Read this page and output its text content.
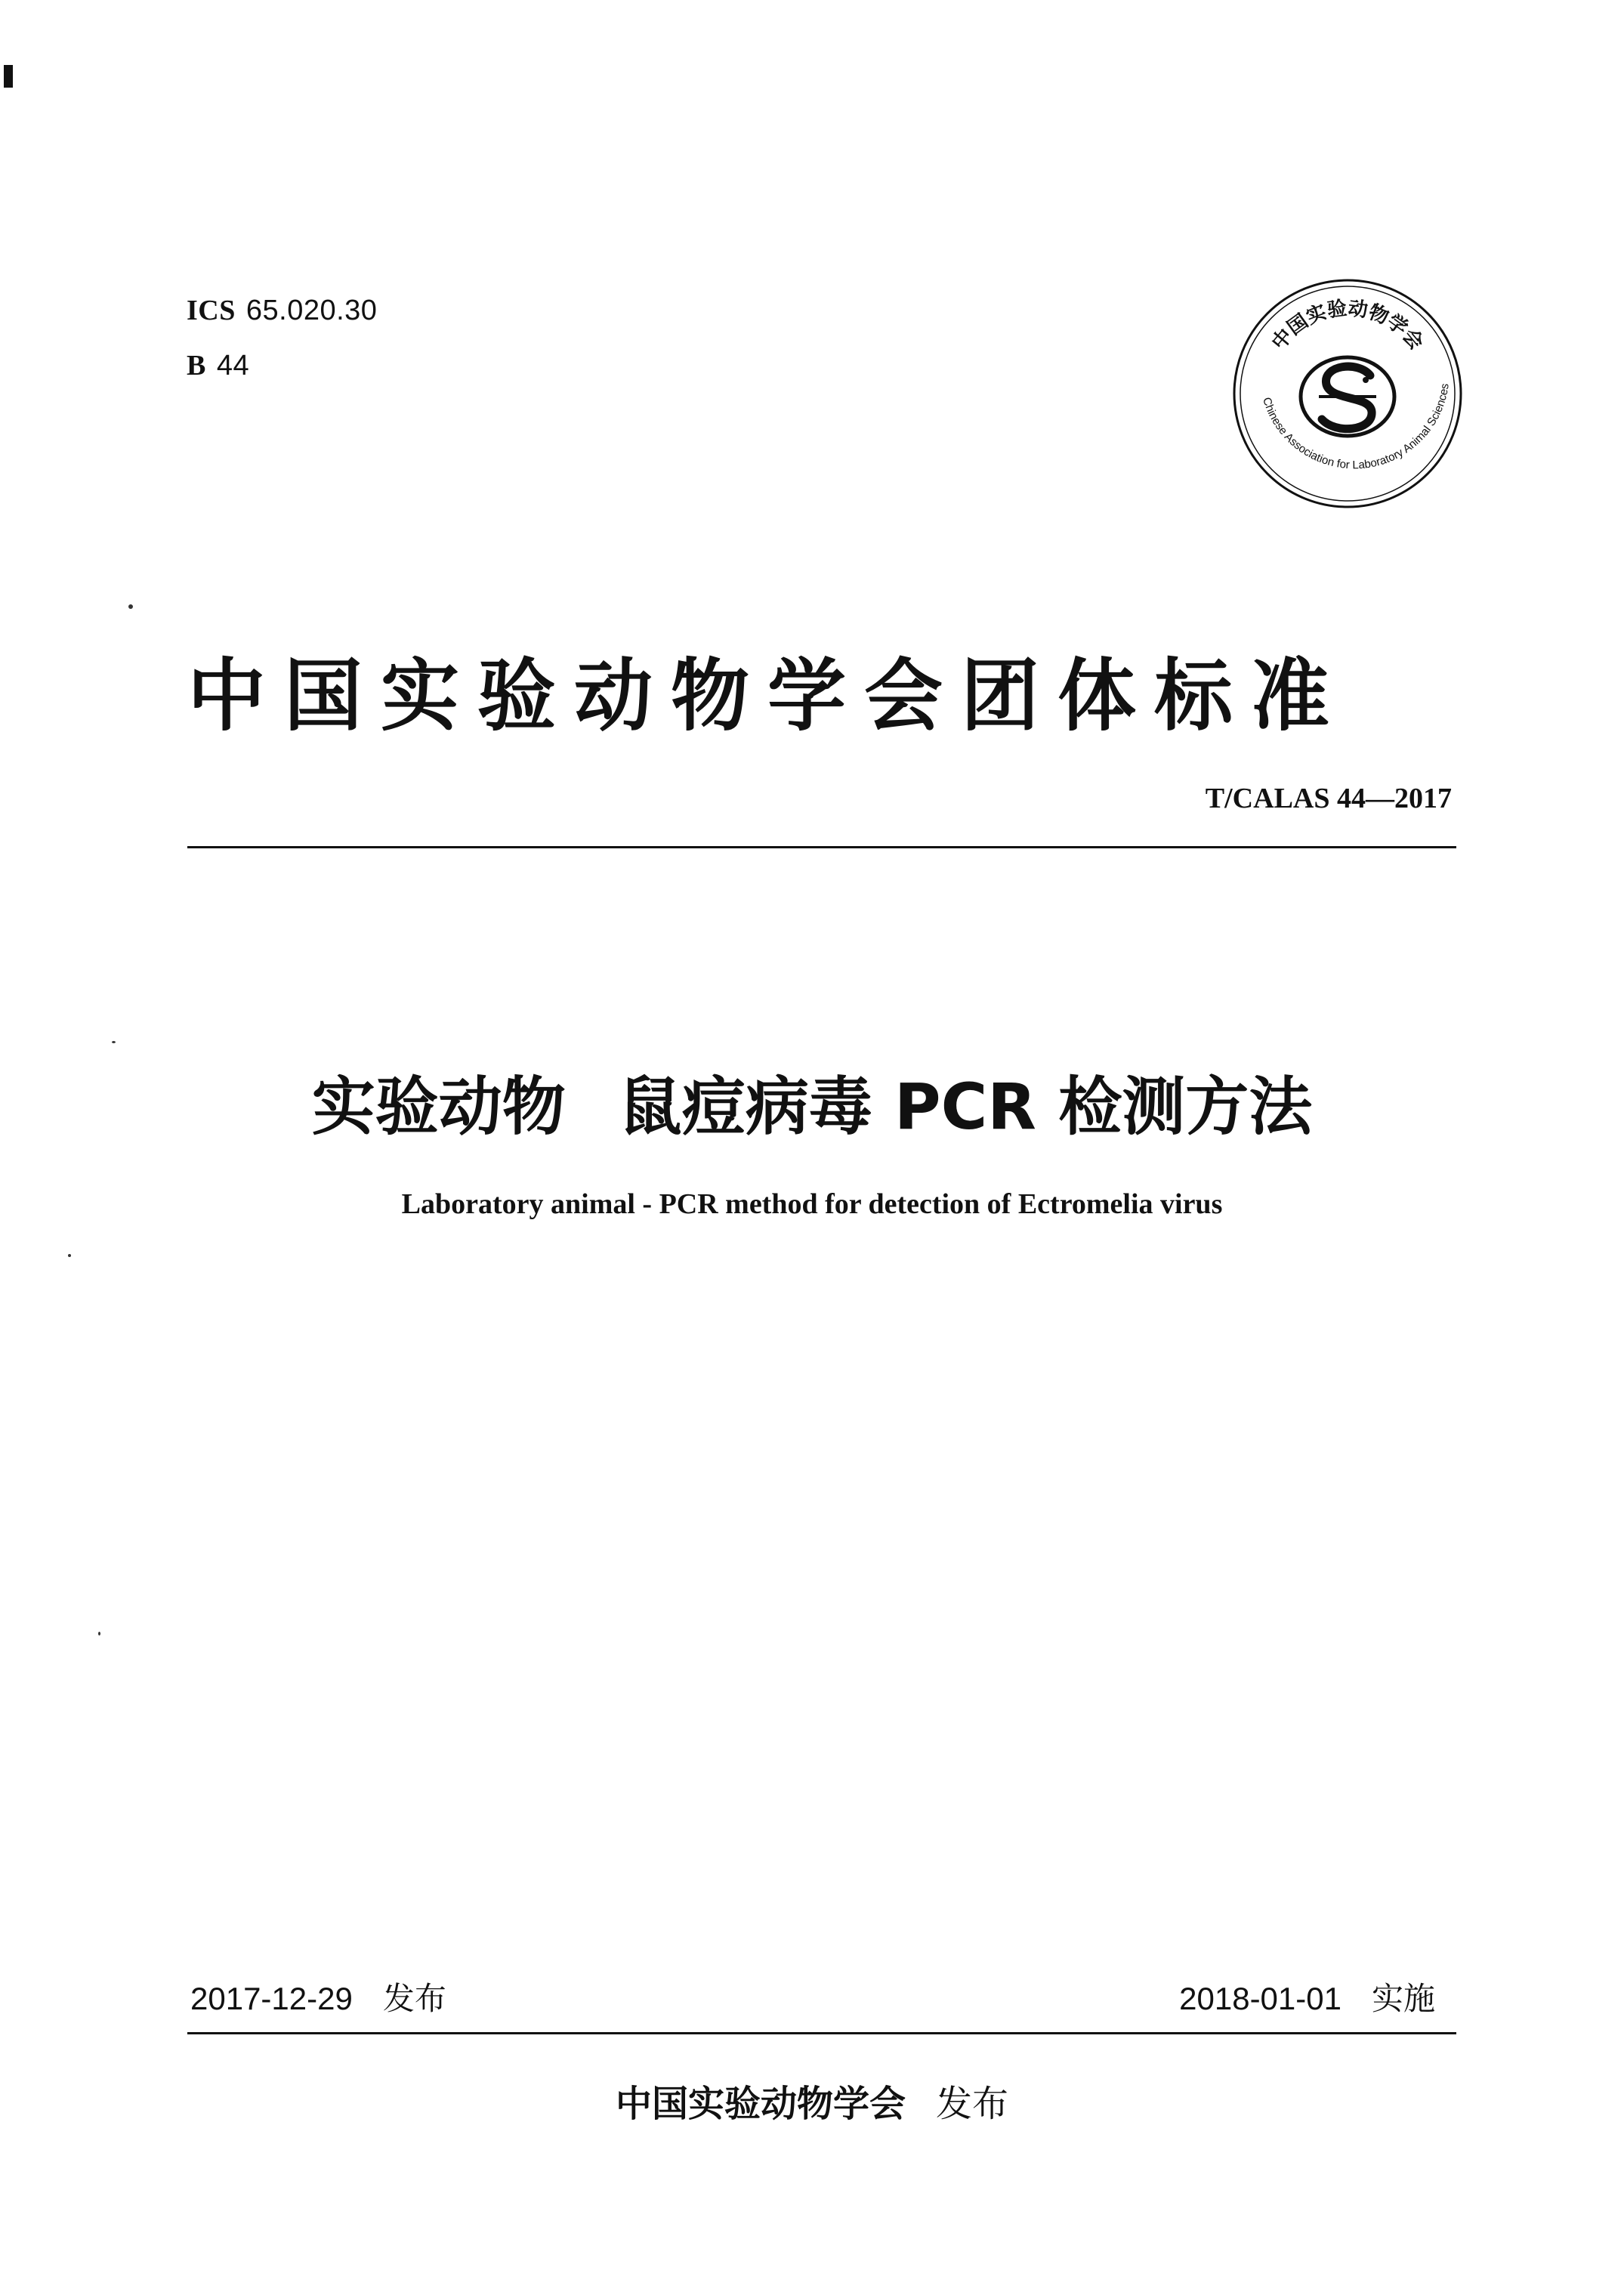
ICS 65.020.30
B 44
中国实验动物学会
Chinese Association for Laboratory Animal Sciences
中国实验动物学会团体标准
T/CALAS 44—2017
实验动物 鼠痘病毒 PCR 检测方法
Laboratory animal - PCR method for detection of Ectromelia virus
2017-12-29 发布	2018-01-01 实施
中国实验动物学会 发布
